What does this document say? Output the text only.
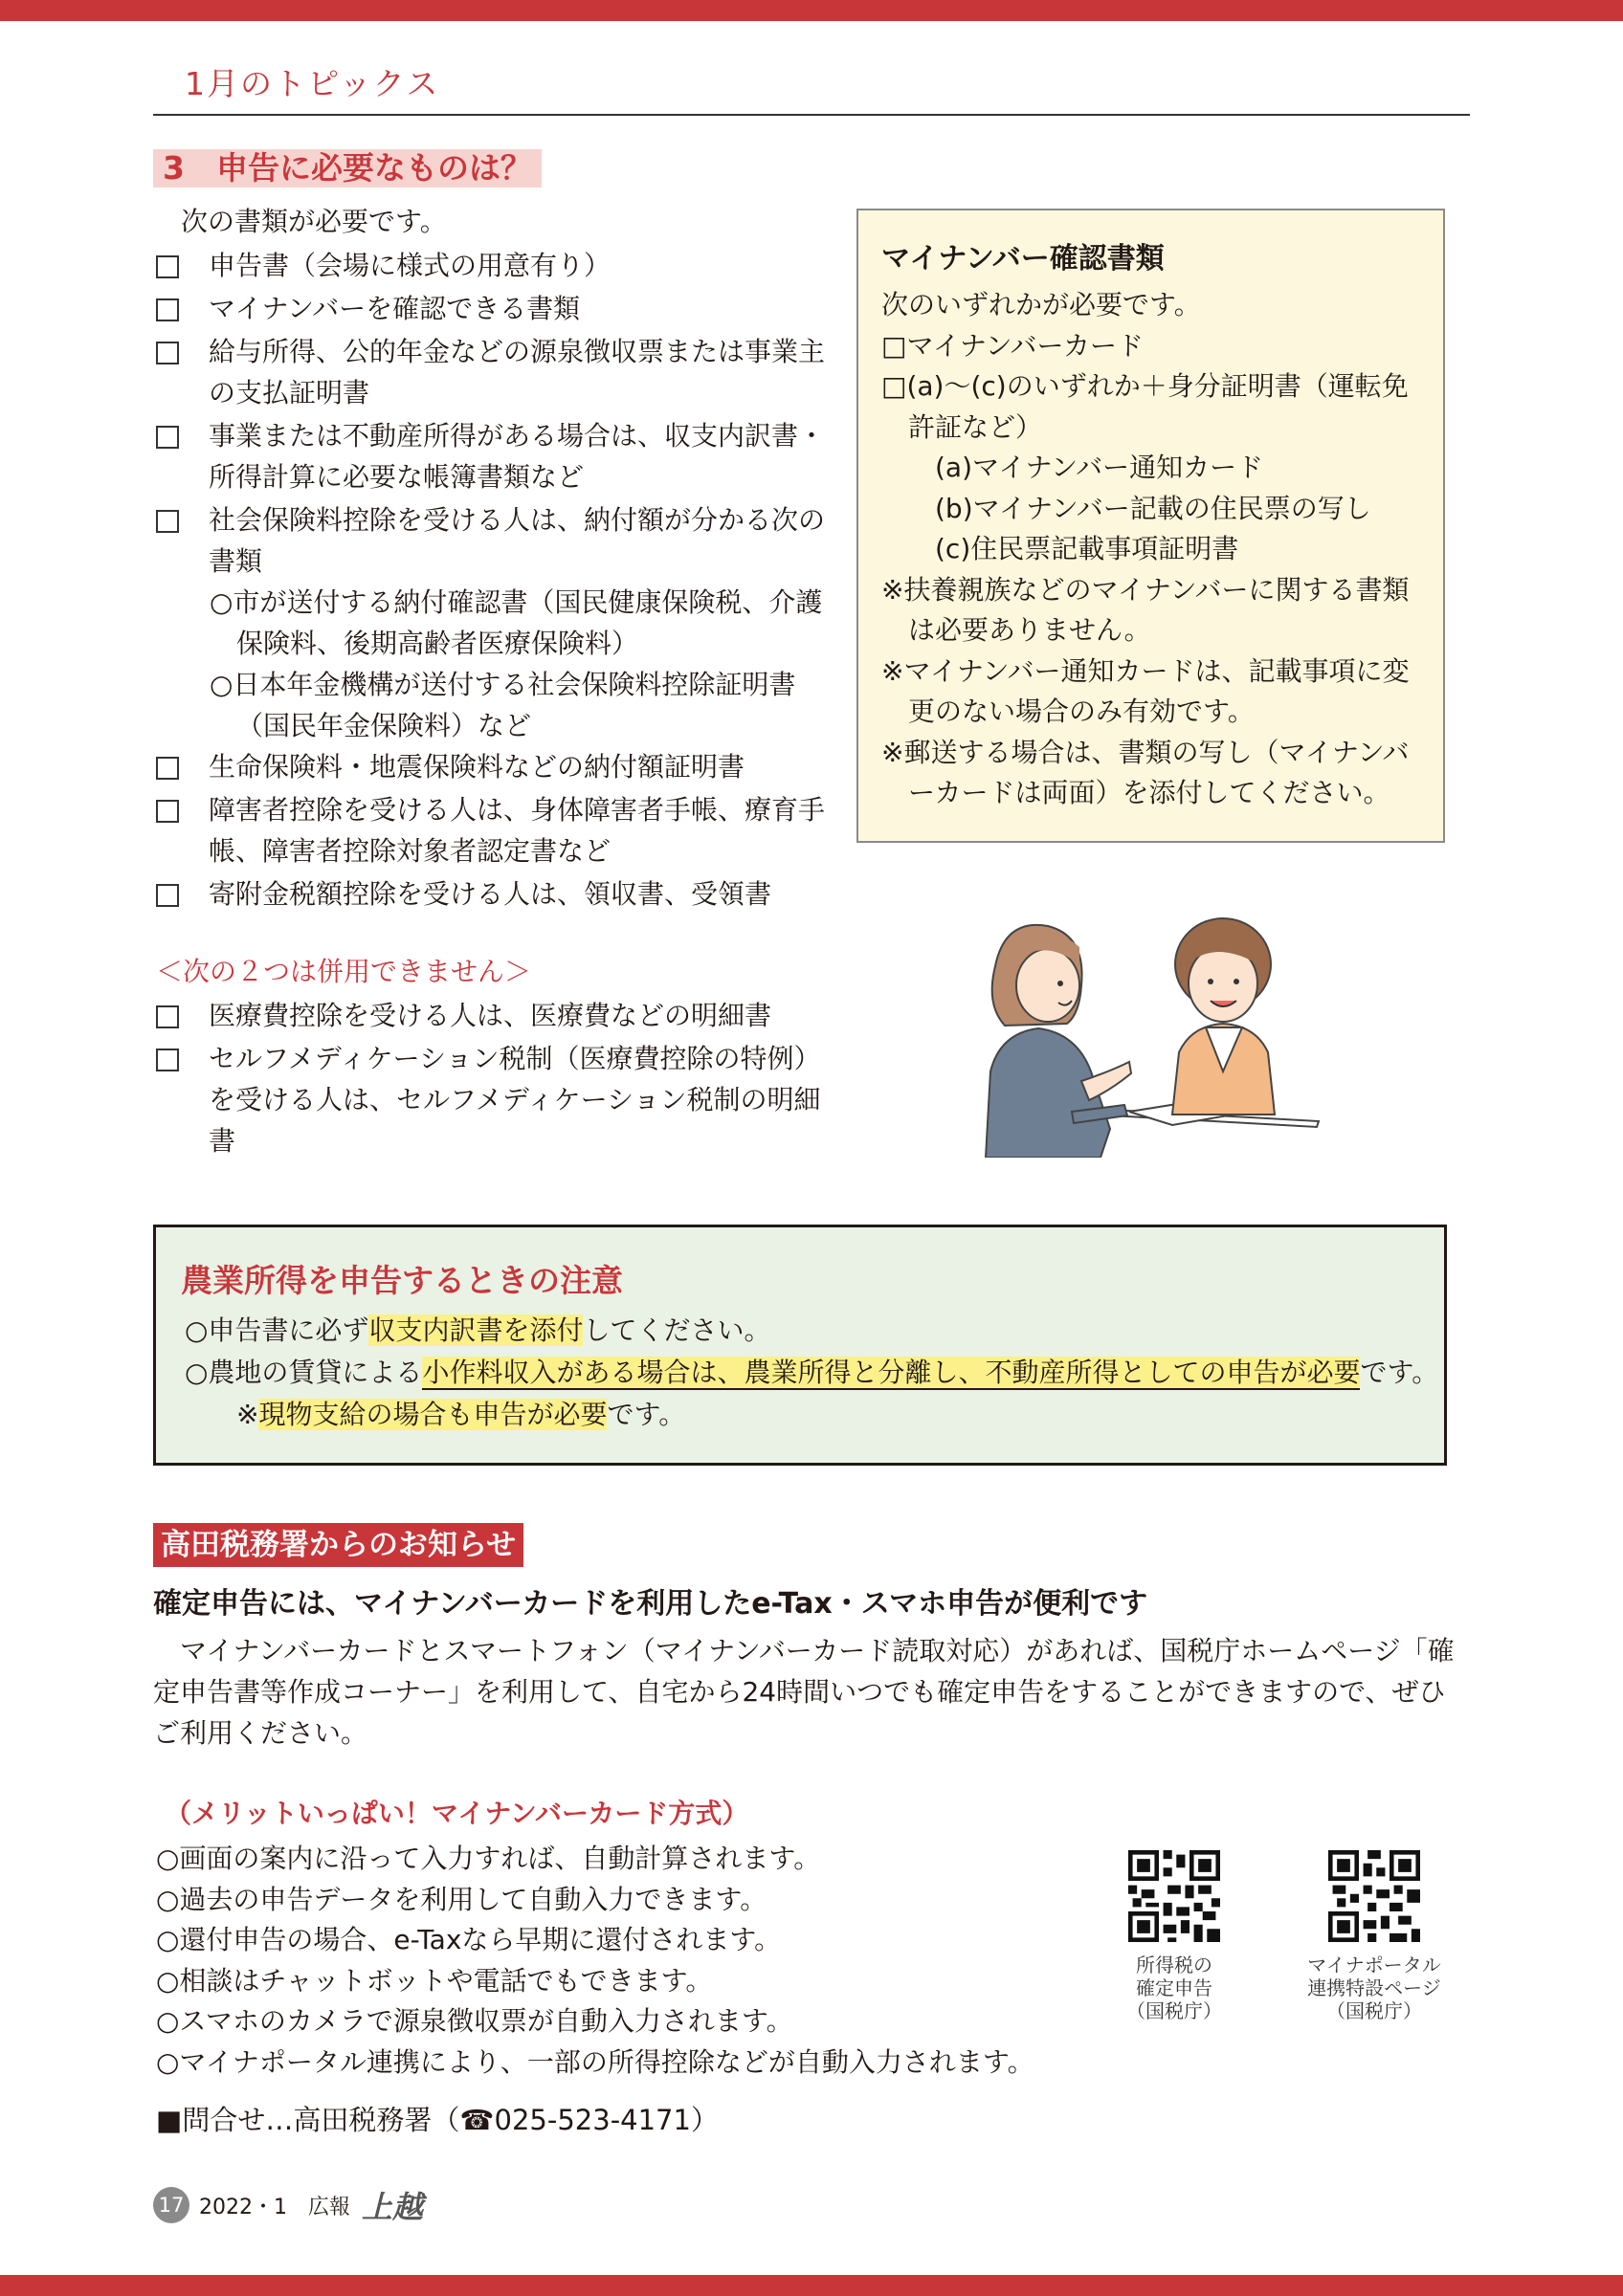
1月のトピックス
3　申告に必要なものは？
次の書類が必要です。
申告書（会場に様式の用意有り）
マイナンバーを確認できる書類
給与所得、公的年金などの源泉徴収票または事業主の支払証明書
事業または不動産所得がある場合は、収支内訳書・所得計算に必要な帳簿書類など
社会保険料控除を受ける人は、納付額が分かる次の書類
○市が送付する納付確認書（国民健康保険税、介護保険料、後期高齢者医療保険料）
○日本年金機構が送付する社会保険料控除証明書（国民年金保険料）など
生命保険料・地震保険料などの納付額証明書
障害者控除を受ける人は、身体障害者手帳、療育手帳、障害者控除対象者認定書など
寄附金税額控除を受ける人は、領収書、受領書
＜次の２つは併用できません＞
医療費控除を受ける人は、医療費などの明細書
セルフメディケーション税制（医療費控除の特例）を受ける人は、セルフメディケーション税制の明細書
マイナンバー確認書類
次のいずれかが必要です。
□マイナンバーカード
□(a)〜(c)のいずれか＋身分証明書（運転免許証など）
(a)マイナンバー通知カード
(b)マイナンバー記載の住民票の写し
(c)住民票記載事項証明書
※扶養親族などのマイナンバーに関する書類は必要ありません。
※マイナンバー通知カードは、記載事項に変更のない場合のみ有効です。
※郵送する場合は、書類の写し（マイナンバーカードは両面）を添付してください。
農業所得を申告するときの注意
○申告書に必ず収支内訳書を添付してください。
○農地の賃貸による小作料収入がある場合は、農業所得と分離し、不動産所得としての申告が必要です。
※現物支給の場合も申告が必要です。
高田税務署からのお知らせ
確定申告には、マイナンバーカードを利用したe-Tax・スマホ申告が便利です
　マイナンバーカードとスマートフォン（マイナンバーカード読取対応）があれば、国税庁ホームページ「確定申告書等作成コーナー」を利用して、自宅から24時間いつでも確定申告をすることができますので、ぜひご利用ください。
（メリットいっぱい！マイナンバーカード方式）
○画面の案内に沿って入力すれば、自動計算されます。
○過去の申告データを利用して自動入力できます。
○還付申告の場合、e-Taxなら早期に還付されます。
○相談はチャットボットや電話でもできます。
○スマホのカメラで源泉徴収票が自動入力されます。
○マイナポータル連携により、一部の所得控除などが自動入力されます。
■問合せ…高田税務署（☎025-523-4171）
所得税の
確定申告
（国税庁）
マイナポータル
連携特設ページ
（国税庁）
17 2022・1 広報 上越
